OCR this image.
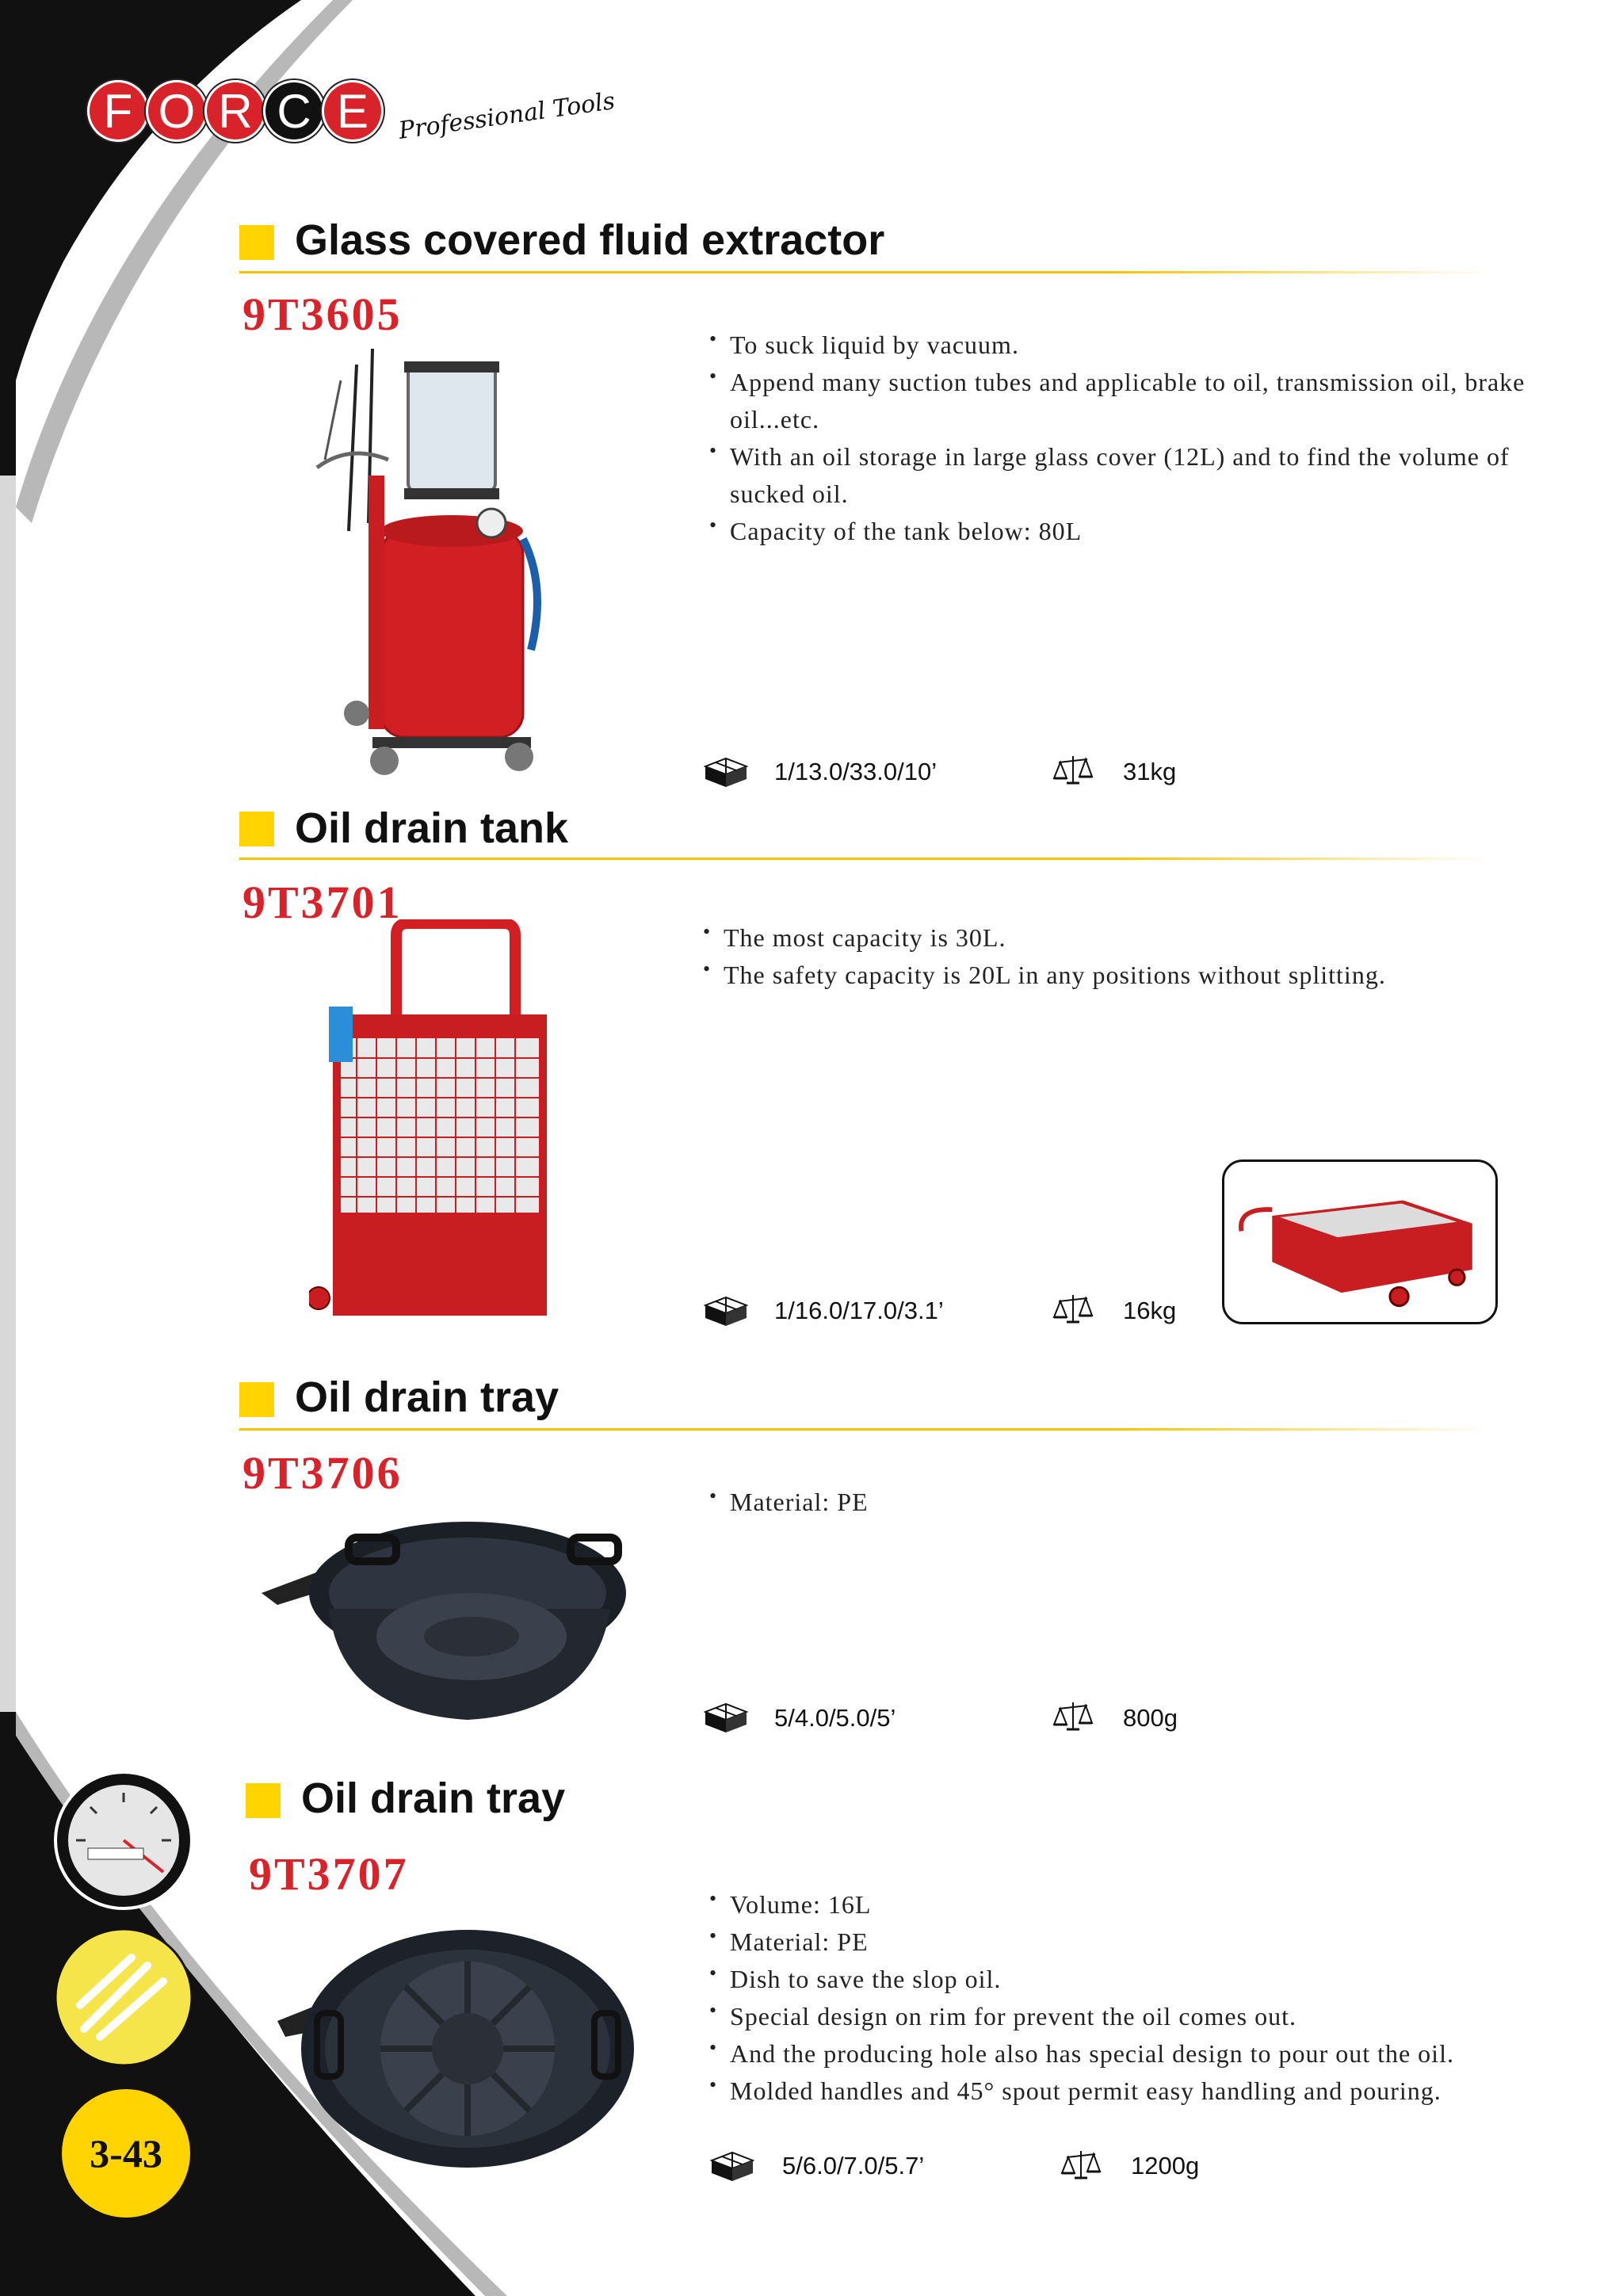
F O R C E	Professional Tools
Glass covered fluid extractor
9T3605
• To suck liquid by vacuum.
• Append many suction tubes and applicable to oil, transmission oil, brake oil...etc.
• With an oil storage in large glass cover (12L) and to find the volume of sucked oil.
• Capacity of the tank below: 80L
1/13.0/33.0/10’	31kg
Oil drain tank
9T3701
• The most capacity is 30L.
• The safety capacity is 20L in any positions without splitting.
1/16.0/17.0/3.1’	16kg
Oil drain tray
9T3706
• Material: PE
5/4.0/5.0/5’	800g
Oil drain tray
9T3707
• Volume: 16L
• Material: PE
• Dish to save the slop oil.
• Special design on rim for prevent the oil comes out.
• And the producing hole also has special design to pour out the oil.
• Molded handles and 45° spout permit easy handling and pouring.
5/6.0/7.0/5.7’	1200g
3-43
